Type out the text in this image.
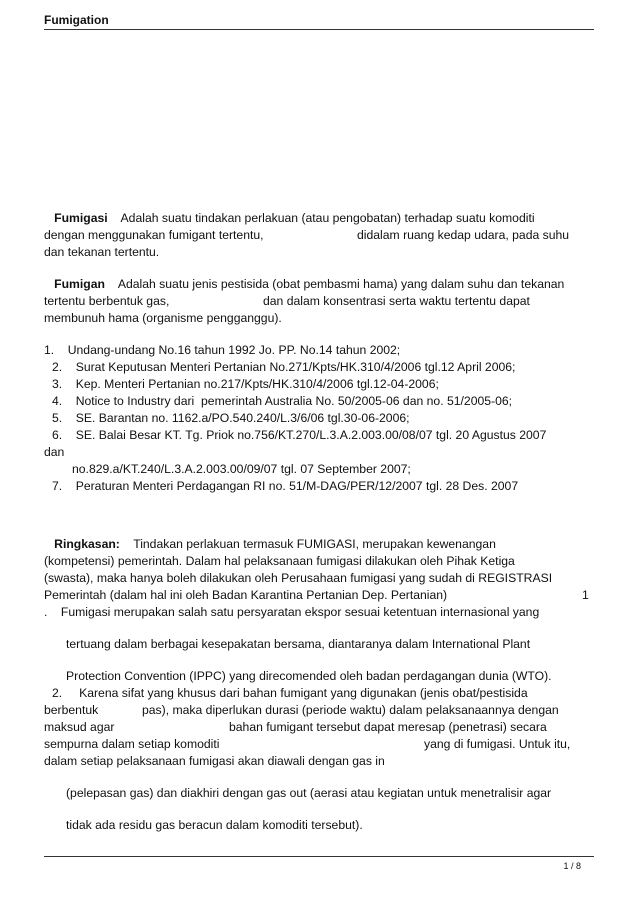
Fumigation
Fumigasi Adalah suatu tindakan perlakuan (atau pengobatan) terhadap suatu komoditi
dengan menggunakan fumigant tertentu,	didalam ruang kedap udara, pada suhu
dan tekanan tertentu.
Fumigan Adalah suatu jenis pestisida (obat pembasmi hama) yang dalam suhu dan tekanan
tertentu berbentuk gas,	dan dalam konsentrasi serta waktu tertentu dapat
membunuh hama (organisme pengganggu).
1.    Undang-undang No.16 tahun 1992 Jo. PP. No.14 tahun 2002;
2.    Surat Keputusan Menteri Pertanian No.271/Kpts/HK.310/4/2006 tgl.12 April 2006;
3.    Kep. Menteri Pertanian no.217/Kpts/HK.310/4/2006 tgl.12-04-2006;
4.    Notice to Industry dari  pemerintah Australia No. 50/2005-06 dan no. 51/2005-06;
5.    SE. Barantan no. 1162.a/PO.540.240/L.3/6/06 tgl.30-06-2006;
6.    SE. Balai Besar KT. Tg. Priok no.756/KT.270/L.3.A.2.003.00/08/07 tgl. 20 Agustus 2007
dan
no.829.a/KT.240/L.3.A.2.003.00/09/07 tgl. 07 September 2007;
7.    Peraturan Menteri Perdagangan RI no. 51/M-DAG/PER/12/2007 tgl. 28 Des. 2007
Ringkasan: Tindakan perlakuan termasuk FUMIGASI, merupakan kewenangan
(kompetensi) pemerintah. Dalam hal pelaksanaan fumigasi dilakukan oleh Pihak Ketiga
(swasta), maka hanya boleh dilakukan oleh Perusahaan fumigasi yang sudah di REGISTRASI
Pemerintah (dalam hal ini oleh Badan Karantina Pertanian Dep. Pertanian)	1
.    Fumigasi merupakan salah satu persyaratan ekspor sesuai ketentuan internasional yang
tertuang dalam berbagai kesepakatan bersama, diantaranya dalam International Plant
Protection Convention (IPPC) yang direcomended oleh badan perdagangan dunia (WTO).
2.     Karena sifat yang khusus dari bahan fumigant yang digunakan (jenis obat/pestisida
berbentuk	pas), maka diperlukan durasi (periode waktu) dalam pelaksanaannya dengan
maksud agar	bahan fumigant tersebut dapat meresap (penetrasi) secara
sempurna dalam setiap komoditi	yang di fumigasi. Untuk itu,
dalam setiap pelaksanaan fumigasi akan diawali dengan gas in
(pelepasan gas) dan diakhiri dengan gas out (aerasi atau kegiatan untuk menetralisir agar
tidak ada residu gas beracun dalam komoditi tersebut).
1 / 8
